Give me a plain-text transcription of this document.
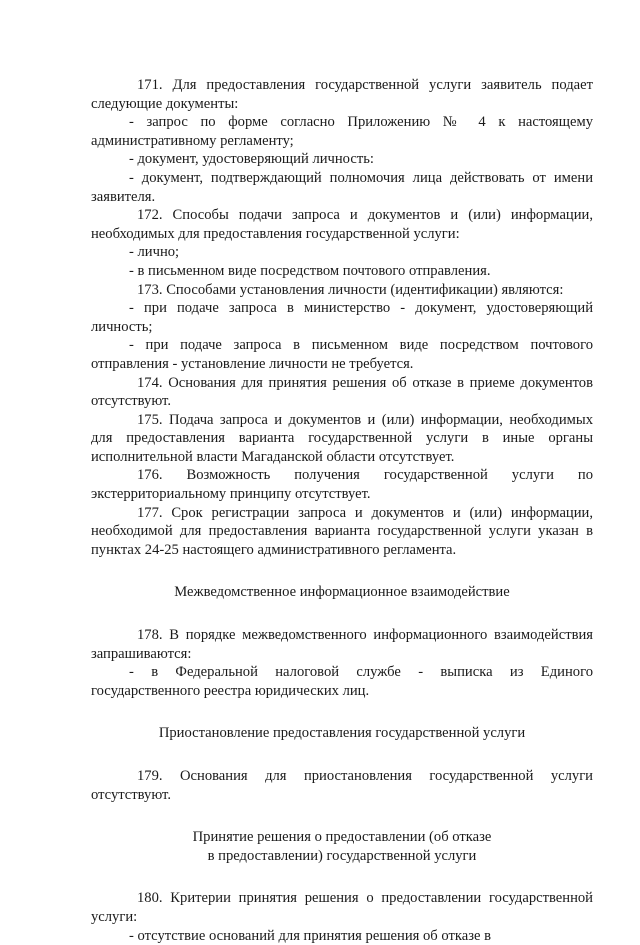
171. Для предоставления государственной услуги заявитель подает следующие документы:

- запрос по форме согласно Приложению № 4 к настоящему административному регламенту;

- документ, удостоверяющий личность:

- документ, подтверждающий полномочия лица действовать от имени заявителя.

172. Способы подачи запроса и документов и (или) информации, необходимых для предоставления государственной услуги:

- лично;

- в письменном виде посредством почтового отправления.

173. Способами установления личности (идентификации) являются:

- при подаче запроса в министерство - документ, удостоверяющий личность;

- при подаче запроса в письменном виде посредством почтового отправления - установление личности не требуется.

174. Основания для принятия решения об отказе в приеме документов отсутствуют.

175. Подача запроса и документов и (или) информации, необходимых для предоставления варианта государственной услуги в иные органы исполнительной власти Магаданской области отсутствует.

176. Возможность получения государственной услуги по экстерриториальному принципу отсутствует.

177. Срок регистрации запроса и документов и (или) информации, необходимой для предоставления варианта государственной услуги указан в пунктах 24-25 настоящего административного регламента.

Межведомственное информационное взаимодействие

178. В порядке межведомственного информационного взаимодействия запрашиваются:

- в Федеральной налоговой службе - выписка из Единого государственного реестра юридических лиц.

Приостановление предоставления государственной услуги

179. Основания для приостановления государственной услуги отсутствуют.

Принятие решения о предоставлении (об отказе
в предоставлении) государственной услуги

180. Критерии принятия решения о предоставлении государственной услуги:

- отсутствие оснований для принятия решения об отказе в
